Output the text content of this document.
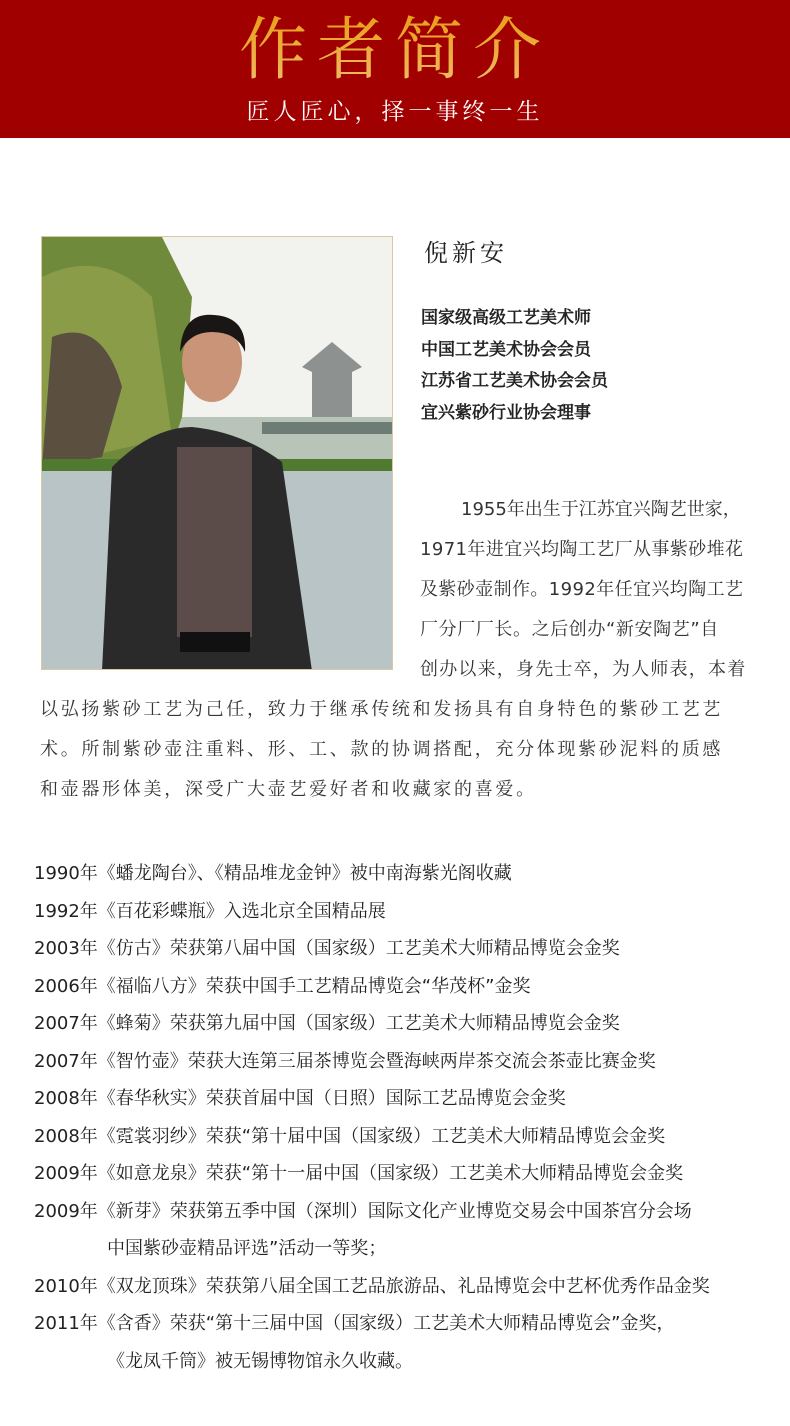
作者简介
匠人匠心，择一事终一生
倪新安
国家级高级工艺美术师
中国工艺美术协会会员
江苏省工艺美术协会会员
宜兴紫砂行业协会理事
1955年出生于江苏宜兴陶艺世家，
1971年进宜兴均陶工艺厂从事紫砂堆花
及紫砂壶制作。1992年任宜兴均陶工艺
厂分厂厂长。之后创办“新安陶艺”自
创办以来，身先士卒，为人师表，本着
以弘扬紫砂工艺为己任，致力于继承传统和发扬具有自身特色的紫砂工艺艺
术。所制紫砂壶注重料、形、工、款的协调搭配，充分体现紫砂泥料的质感
和壶器形体美，深受广大壶艺爱好者和收藏家的喜爱。
1990年《蟠龙陶台》、《精品堆龙金钟》被中南海紫光阁收藏
1992年《百花彩蝶瓶》入选北京全国精品展
2003年《仿古》荣获第八届中国（国家级）工艺美术大师精品博览会金奖
2006年《福临八方》荣获中国手工艺精品博览会“华茂杯”金奖
2007年《蜂菊》荣获第九届中国（国家级）工艺美术大师精品博览会金奖
2007年《智竹壶》荣获大连第三届茶博览会暨海峡两岸茶交流会茶壶比赛金奖
2008年《春华秋实》荣获首届中国（日照）国际工艺品博览会金奖
2008年《霓裳羽纱》荣获“第十届中国（国家级）工艺美术大师精品博览会金奖
2009年《如意龙泉》荣获“第十一届中国（国家级）工艺美术大师精品博览会金奖
2009年《新芽》荣获第五季中国（深圳）国际文化产业博览交易会中国茶宫分会场
中国紫砂壶精品评选”活动一等奖；
2010年《双龙顶珠》荣获第八届全国工艺品旅游品、礼品博览会中艺杯优秀作品金奖
2011年《含香》荣获“第十三届中国（国家级）工艺美术大师精品博览会”金奖，
《龙凤千筒》被无锡博物馆永久收藏。
